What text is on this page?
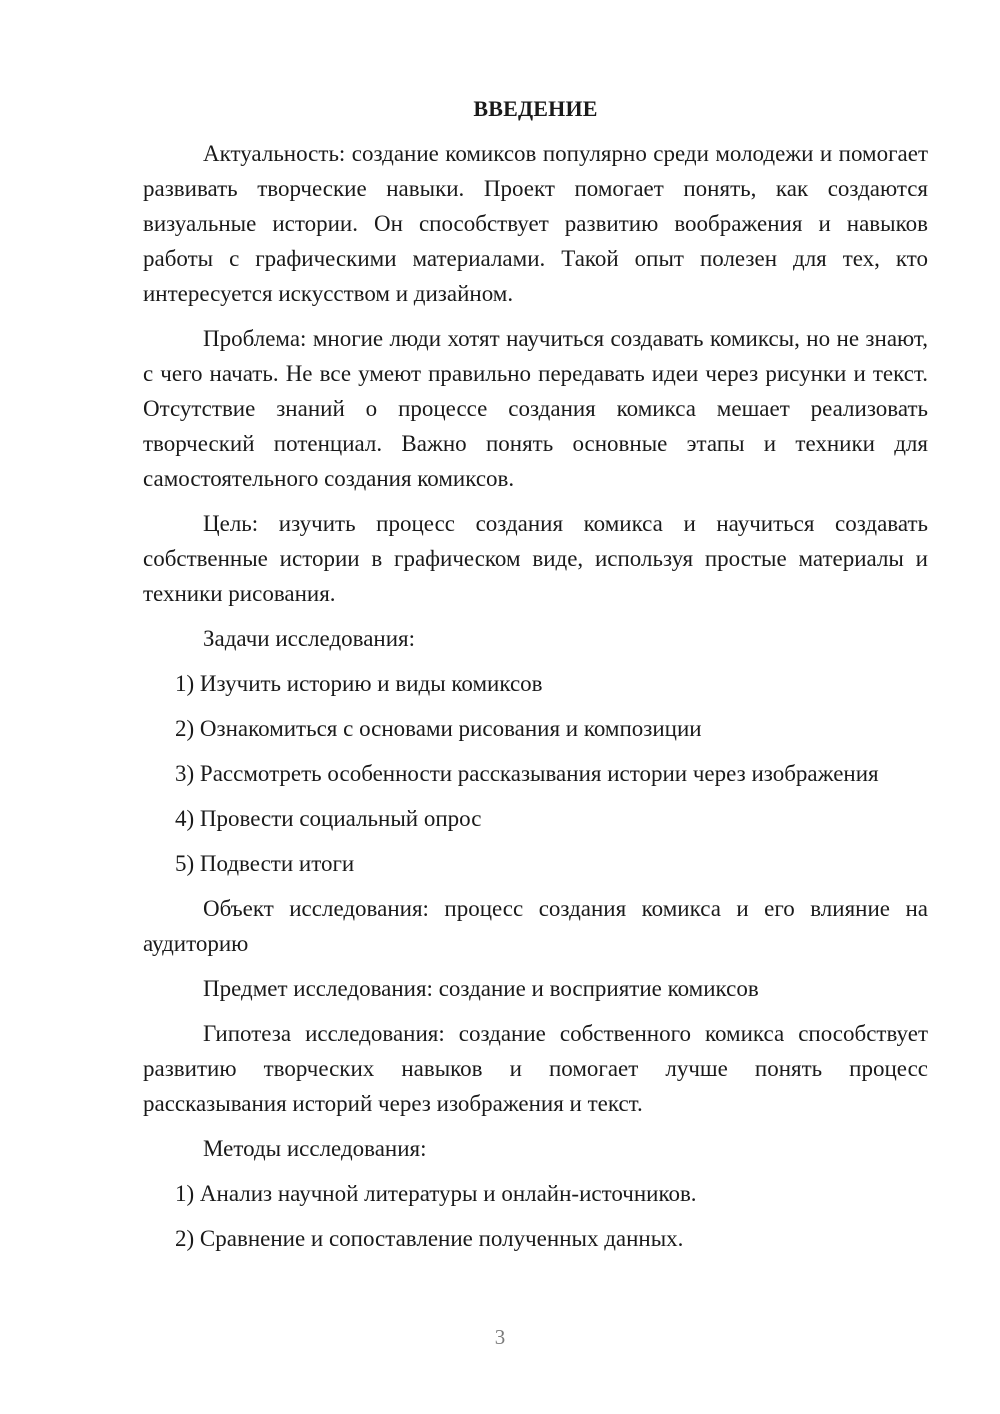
ВВЕДЕНИЕ

Актуальность: создание комиксов популярно среди молодежи и помогает развивать творческие навыки. Проект помогает понять, как создаются визуальные истории. Он способствует развитию воображения и навыков работы с графическими материалами. Такой опыт полезен для тех, кто интересуется искусством и дизайном.

Проблема: многие люди хотят научиться создавать комиксы, но не знают, с чего начать. Не все умеют правильно передавать идеи через рисунки и текст. Отсутствие знаний о процессе создания комикса мешает реализовать творческий потенциал. Важно понять основные этапы и техники для самостоятельного создания комиксов.

Цель: изучить процесс создания комикса и научиться создавать собственные истории в графическом виде, используя простые материалы и техники рисования.

Задачи исследования:

1) Изучить историю и виды комиксов

2) Ознакомиться с основами рисования и композиции

3) Рассмотреть особенности рассказывания истории через изображения

4) Провести социальный опрос

5) Подвести итоги

Объект исследования: процесс создания комикса и его влияние на аудиторию

Предмет исследования: создание и восприятие комиксов

Гипотеза исследования: создание собственного комикса способствует развитию творческих навыков и помогает лучше понять процесс рассказывания историй через изображения и текст.

Методы исследования:

1) Анализ научной литературы и онлайн-источников.

2) Сравнение и сопоставление полученных данных.

3
